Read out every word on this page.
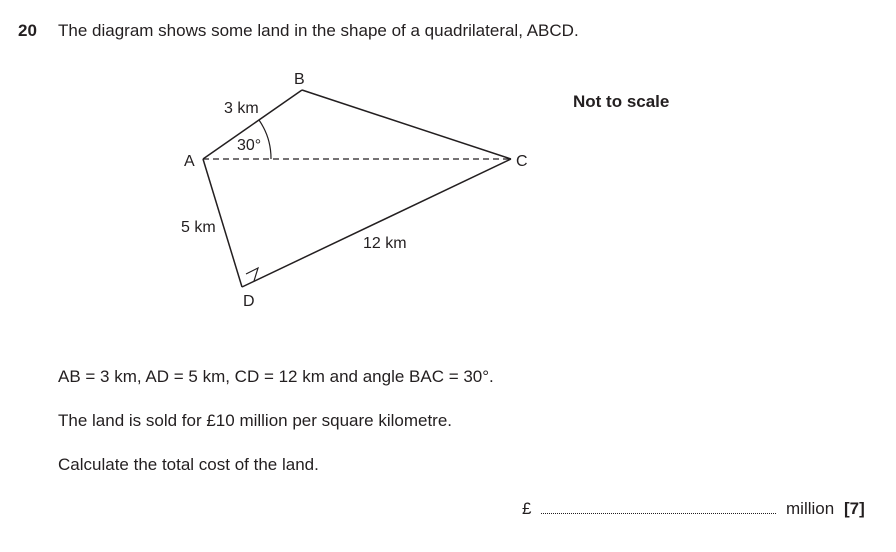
20 The diagram shows some land in the shape of a quadrilateral, ABCD.
Not to scale
A
B
C
D
3 km
5 km
12 km
30°
AB = 3 km, AD = 5 km, CD = 12 km and angle BAC = 30°.
The land is sold for £10 million per square kilometre.
Calculate the total cost of the land.
£	million [7]
